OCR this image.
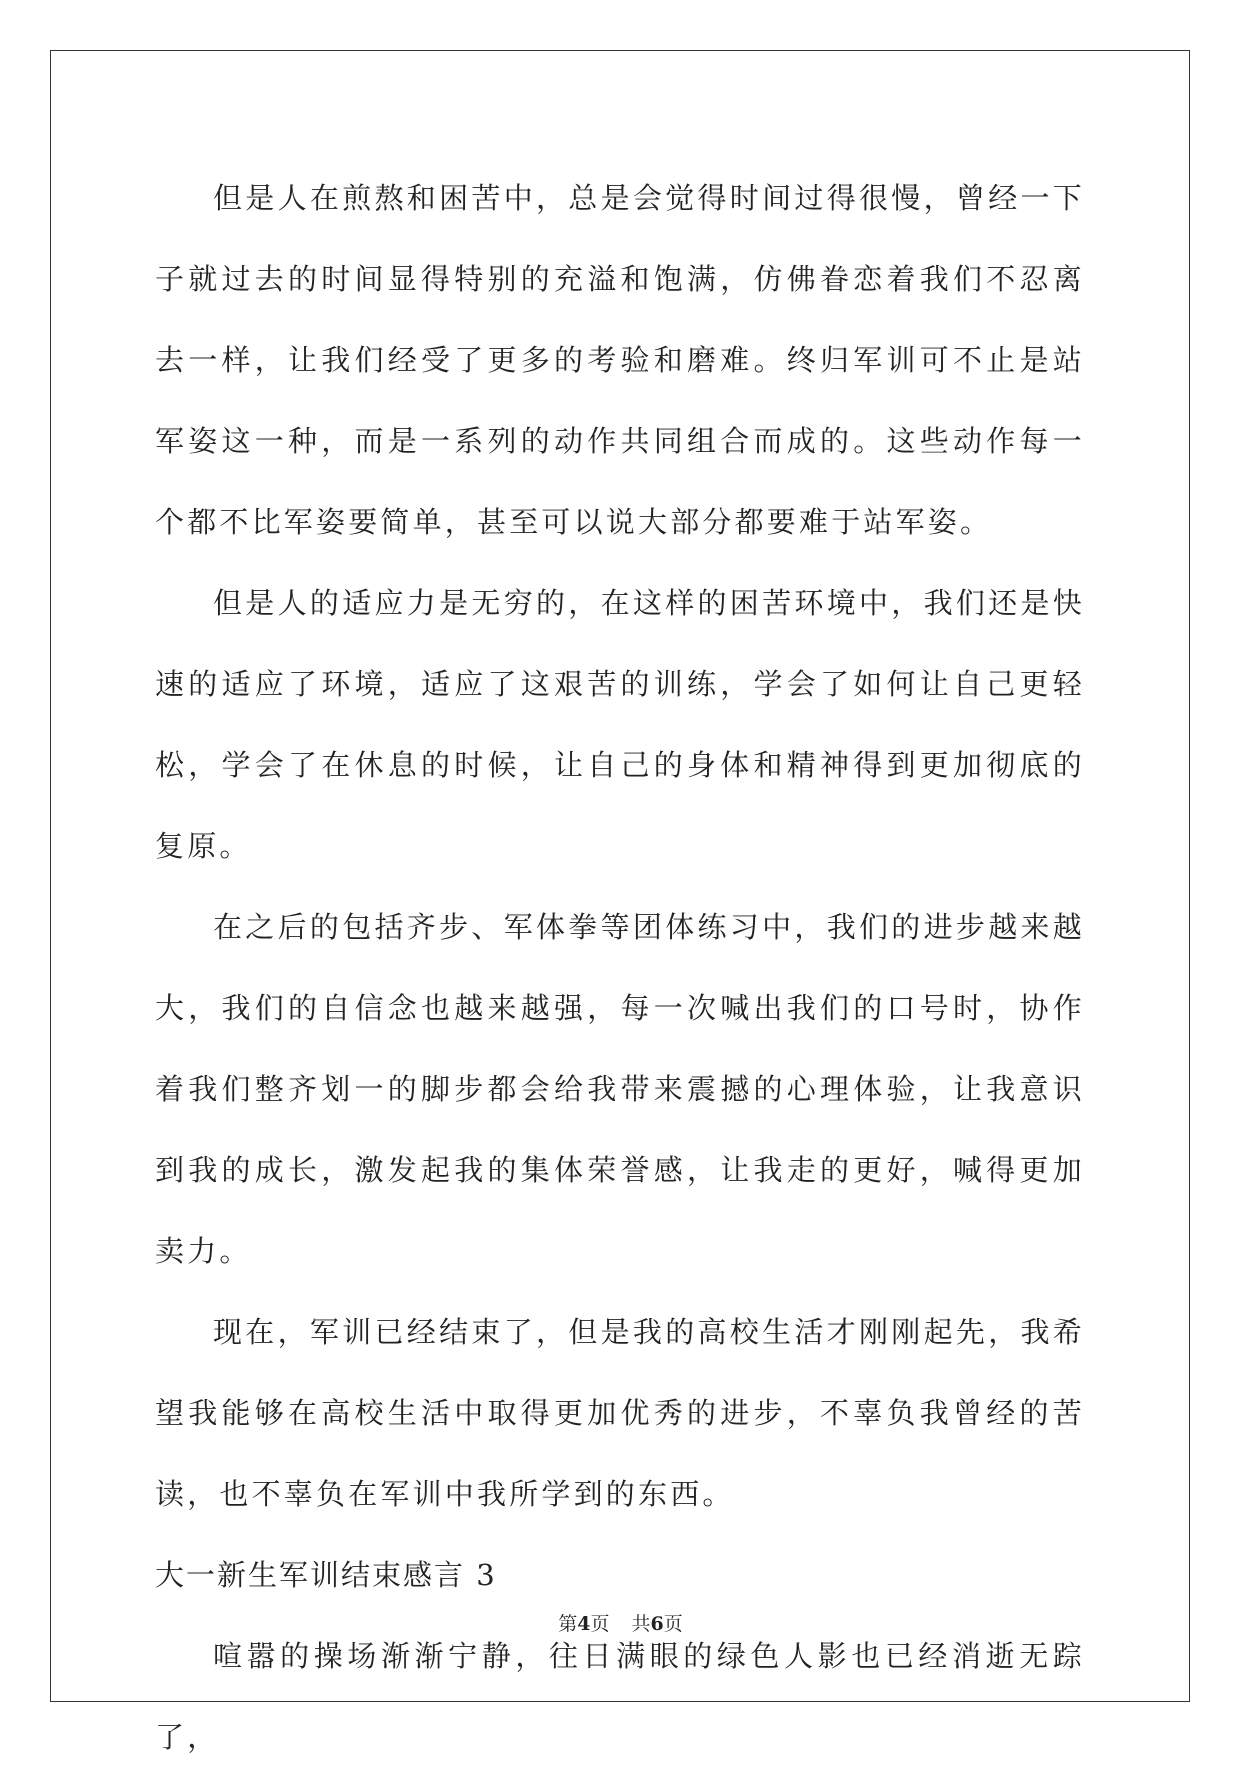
但是人在煎熬和困苦中，总是会觉得时间过得很慢，曾经一下子就过去的时间显得特别的充溢和饱满，仿佛眷恋着我们不忍离去一样，让我们经受了更多的考验和磨难。终归军训可不止是站军姿这一种，而是一系列的动作共同组合而成的。这些动作每一个都不比军姿要简单，甚至可以说大部分都要难于站军姿。

但是人的适应力是无穷的，在这样的困苦环境中，我们还是快速的适应了环境，适应了这艰苦的训练，学会了如何让自己更轻松，学会了在休息的时候，让自己的身体和精神得到更加彻底的复原。

在之后的包括齐步、军体拳等团体练习中，我们的进步越来越大，我们的自信念也越来越强，每一次喊出我们的口号时，协作着我们整齐划一的脚步都会给我带来震撼的心理体验，让我意识到我的成长，激发起我的集体荣誉感，让我走的更好，喊得更加卖力。

现在，军训已经结束了，但是我的高校生活才刚刚起先，我希望我能够在高校生活中取得更加优秀的进步，不辜负我曾经的苦读，也不辜负在军训中我所学到的东西。

大一新生军训结束感言 3

喧嚣的操场渐渐宁静，往日满眼的绿色人影也已经消逝无踪了，

第4页 共6页
